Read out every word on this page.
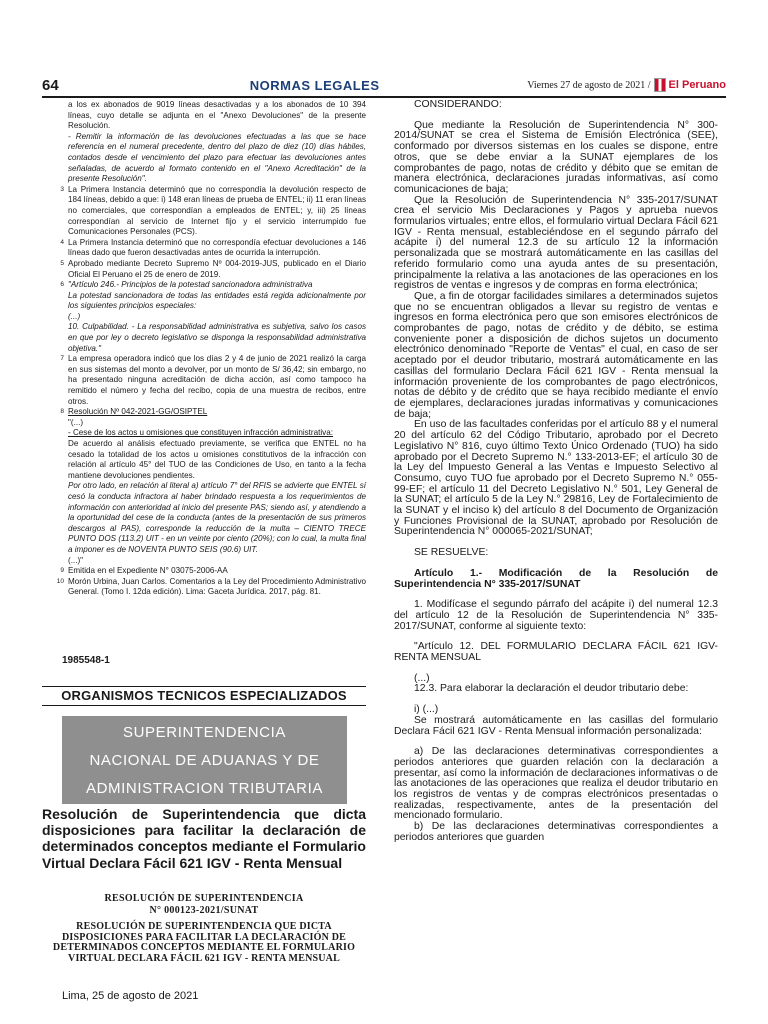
64	NORMAS LEGALES	Viernes 27 de agosto de 2021 / El Peruano

a los ex abonados de 9019 líneas desactivadas y a los abonados de 10 394 líneas, cuyo detalle se adjunta en el "Anexo Devoluciones" de la presente Resolución.

- Remitir la información de las devoluciones efectuadas a las que se hace referencia en el numeral precedente, dentro del plazo de diez (10) días hábiles, contados desde el vencimiento del plazo para efectuar las devoluciones antes señaladas, de acuerdo al formato contenido en el "Anexo Acreditación" de la presente Resolución".

3 La Primera Instancia determinó que no correspondía la devolución respecto de 184 líneas, debido a que: i) 148 eran líneas de prueba de ENTEL; ii) 11 eran líneas no comerciales, que correspondían a empleados de ENTEL; y, iii) 25 líneas correspondían al servicio de Internet fijo y el servicio interrumpido fue Comunicaciones Personales (PCS).

4 La Primera Instancia determinó que no correspondía efectuar devoluciones a 146 líneas dado que fueron desactivadas antes de ocurrida la interrupción.

5 Aprobado mediante Decreto Supremo Nº 004-2019-JUS, publicado en el Diario Oficial El Peruano el 25 de enero de 2019.

6 "Artículo 246.- Principios de la potestad sancionadora administrativa

La potestad sancionadora de todas las entidades está regida adicionalmente por los siguientes principios especiales:

(...)

10. Culpabilidad. - La responsabilidad administrativa es subjetiva, salvo los casos en que por ley o decreto legislativo se disponga la responsabilidad administrativa objetiva."

7 La empresa operadora indicó que los días 2 y 4 de junio de 2021 realizó la carga en sus sistemas del monto a devolver, por un monto de S/ 36,42; sin embargo, no ha presentado ninguna acreditación de dicha acción, así como tampoco ha remitido el número y fecha del recibo, copia de una muestra de recibos, entre otros.

8 Resolución Nº 042-2021-GG/OSIPTEL

"(...)

- Cese de los actos u omisiones que constituyen infracción administrativa:

De acuerdo al análisis efectuado previamente, se verifica que ENTEL no ha cesado la totalidad de los actos u omisiones constitutivos de la infracción con relación al artículo 45° del TUO de las Condiciones de Uso, en tanto a la fecha mantiene devoluciones pendientes.

Por otro lado, en relación al literal a) artículo 7° del RFIS se advierte que ENTEL sí cesó la conducta infractora al haber brindado respuesta a los requerimientos de información con anterioridad al inicio del presente PAS; siendo así, y atendiendo a la oportunidad del cese de la conducta (antes de la presentación de sus primeros descargos al PAS), corresponde la reducción de la multa – CIENTO TRECE PUNTO DOS (113.2) UIT - en un veinte por ciento (20%); con lo cual, la multa final a imponer es de NOVENTA PUNTO SEIS (90.6) UIT.

(...)"

9 Emitida en el Expediente N° 03075-2006-AA

10 Morón Urbina, Juan Carlos. Comentarios a la Ley del Procedimiento Administrativo General. (Tomo I. 12da edición). Lima: Gaceta Jurídica. 2017, pág. 81.

1985548-1
ORGANISMOS TECNICOS ESPECIALIZADOS
SUPERINTENDENCIA
NACIONAL DE ADUANAS Y DE
ADMINISTRACION TRIBUTARIA
Resolución de Superintendencia que dicta disposiciones para facilitar la declaración de determinados conceptos mediante el Formulario Virtual Declara Fácil 621 IGV - Renta Mensual
RESOLUCIÓN DE SUPERINTENDENCIA
N° 000123-2021/SUNAT
RESOLUCIÓN DE SUPERINTENDENCIA QUE DICTA DISPOSICIONES PARA FACILITAR LA DECLARACIÓN DE DETERMINADOS CONCEPTOS MEDIANTE EL FORMULARIO VIRTUAL DECLARA FÁCIL 621 IGV - RENTA MENSUAL
Lima, 25 de agosto de 2021

CONSIDERANDO:

Que mediante la Resolución de Superintendencia N° 300-2014/SUNAT se crea el Sistema de Emisión Electrónica (SEE), conformado por diversos sistemas en los cuales se dispone, entre otros, que se debe enviar a la SUNAT ejemplares de los comprobantes de pago, notas de crédito y débito que se emitan de manera electrónica, declaraciones juradas informativas, así como comunicaciones de baja;

Que la Resolución de Superintendencia N° 335-2017/SUNAT crea el servicio Mis Declaraciones y Pagos y aprueba nuevos formularios virtuales; entre ellos, el formulario virtual Declara Fácil 621 IGV - Renta mensual, estableciéndose en el segundo párrafo del acápite i) del numeral 12.3 de su artículo 12 la información personalizada que se mostrará automáticamente en las casillas del referido formulario como una ayuda antes de su presentación, principalmente la relativa a las anotaciones de las operaciones en los registros de ventas e ingresos y de compras en forma electrónica;

Que, a fin de otorgar facilidades similares a determinados sujetos que no se encuentran obligados a llevar su registro de ventas e ingresos en forma electrónica pero que son emisores electrónicos de comprobantes de pago, notas de crédito y de débito, se estima conveniente poner a disposición de dichos sujetos un documento electrónico denominado "Reporte de Ventas" el cual, en caso de ser aceptado por el deudor tributario, mostrará automáticamente en las casillas del formulario Declara Fácil 621 IGV - Renta mensual la información proveniente de los comprobantes de pago electrónicos, notas de débito y de crédito que se haya recibido mediante el envío de ejemplares, declaraciones juradas informativas y comunicaciones de baja;

En uso de las facultades conferidas por el artículo 88 y el numeral 20 del artículo 62 del Código Tributario, aprobado por el Decreto Legislativo N° 816, cuyo último Texto Único Ordenado (TUO) ha sido aprobado por el Decreto Supremo N.° 133-2013-EF; el artículo 30 de la Ley del Impuesto General a las Ventas e Impuesto Selectivo al Consumo, cuyo TUO fue aprobado por el Decreto Supremo N.° 055-99-EF; el artículo 11 del Decreto Legislativo N.° 501, Ley General de la SUNAT; el artículo 5 de la Ley N.° 29816, Ley de Fortalecimiento de la SUNAT y el inciso k) del artículo 8 del Documento de Organización y Funciones Provisional de la SUNAT, aprobado por Resolución de Superintendencia N° 000065-2021/SUNAT;

SE RESUELVE:

Artículo 1.- Modificación de la Resolución de Superintendencia N° 335-2017/SUNAT

1. Modifícase el segundo párrafo del acápite i) del numeral 12.3 del artículo 12 de la Resolución de Superintendencia N° 335-2017/SUNAT, conforme al siguiente texto:

"Artículo 12. DEL FORMULARIO DECLARA FÁCIL 621 IGV-RENTA MENSUAL

(...)

12.3. Para elaborar la declaración el deudor tributario debe:

i) (...)

Se mostrará automáticamente en las casillas del formulario Declara Fácil 621 IGV - Renta Mensual información personalizada:

a) De las declaraciones determinativas correspondientes a periodos anteriores que guarden relación con la declaración a presentar, así como la información de declaraciones informativas o de las anotaciones de las operaciones que realiza el deudor tributario en los registros de ventas y de compras electrónicos presentadas o realizadas, respectivamente, antes de la presentación del mencionado formulario.

b) De las declaraciones determinativas correspondientes a periodos anteriores que guarden
